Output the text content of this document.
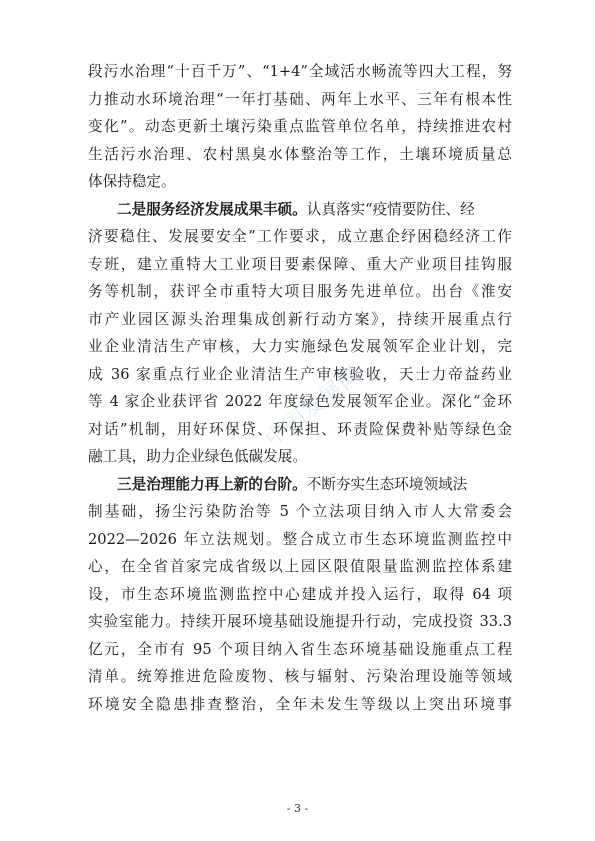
段污水治理“十百千万”、“1+4”全域活水畅流等四大工程，努
力推动水环境治理“一年打基础、两年上水平、三年有根本性
变化”。动态更新土壤污染重点监管单位名单，持续推进农村
生活污水治理、农村黑臭水体整治等工作，土壤环境质量总
体保持稳定。
二是服务经济发展成果丰硕。认真落实“疫情要防住、经
济要稳住、发展要安全”工作要求，成立惠企纾困稳经济工作
专班，建立重特大工业项目要素保障、重大产业项目挂钩服
务等机制，获评全市重特大项目服务先进单位。出台《淮安
市产业园区源头治理集成创新行动方案》，持续开展重点行
业企业清洁生产审核，大力实施绿色发展领军企业计划，完
成 36 家重点行业企业清洁生产审核验收，天士力帝益药业
等 4 家企业获评省 2022 年度绿色发展领军企业。深化“金环
对话”机制，用好环保贷、环保担、环责险保费补贴等绿色金
融工具，助力企业绿色低碳发展。
三是治理能力再上新的台阶。不断夯实生态环境领域法
制基础，扬尘污染防治等 5 个立法项目纳入市人大常委会
2022—2026 年立法规划。整合成立市生态环境监测监控中
心，在全省首家完成省级以上园区限值限量监测监控体系建
设，市生态环境监测监控中心建成并投入运行，取得 64 项
实验室能力。持续开展环境基础设施提升行动，完成投资 33.3
亿元，全市有 95 个项目纳入省生态环境基础设施重点工程
清单。统筹推进危险废物、核与辐射、污染治理设施等领域
环境安全隐患排查整治，全年未发生等级以上突出环境事
中国发展网
- 3 -
